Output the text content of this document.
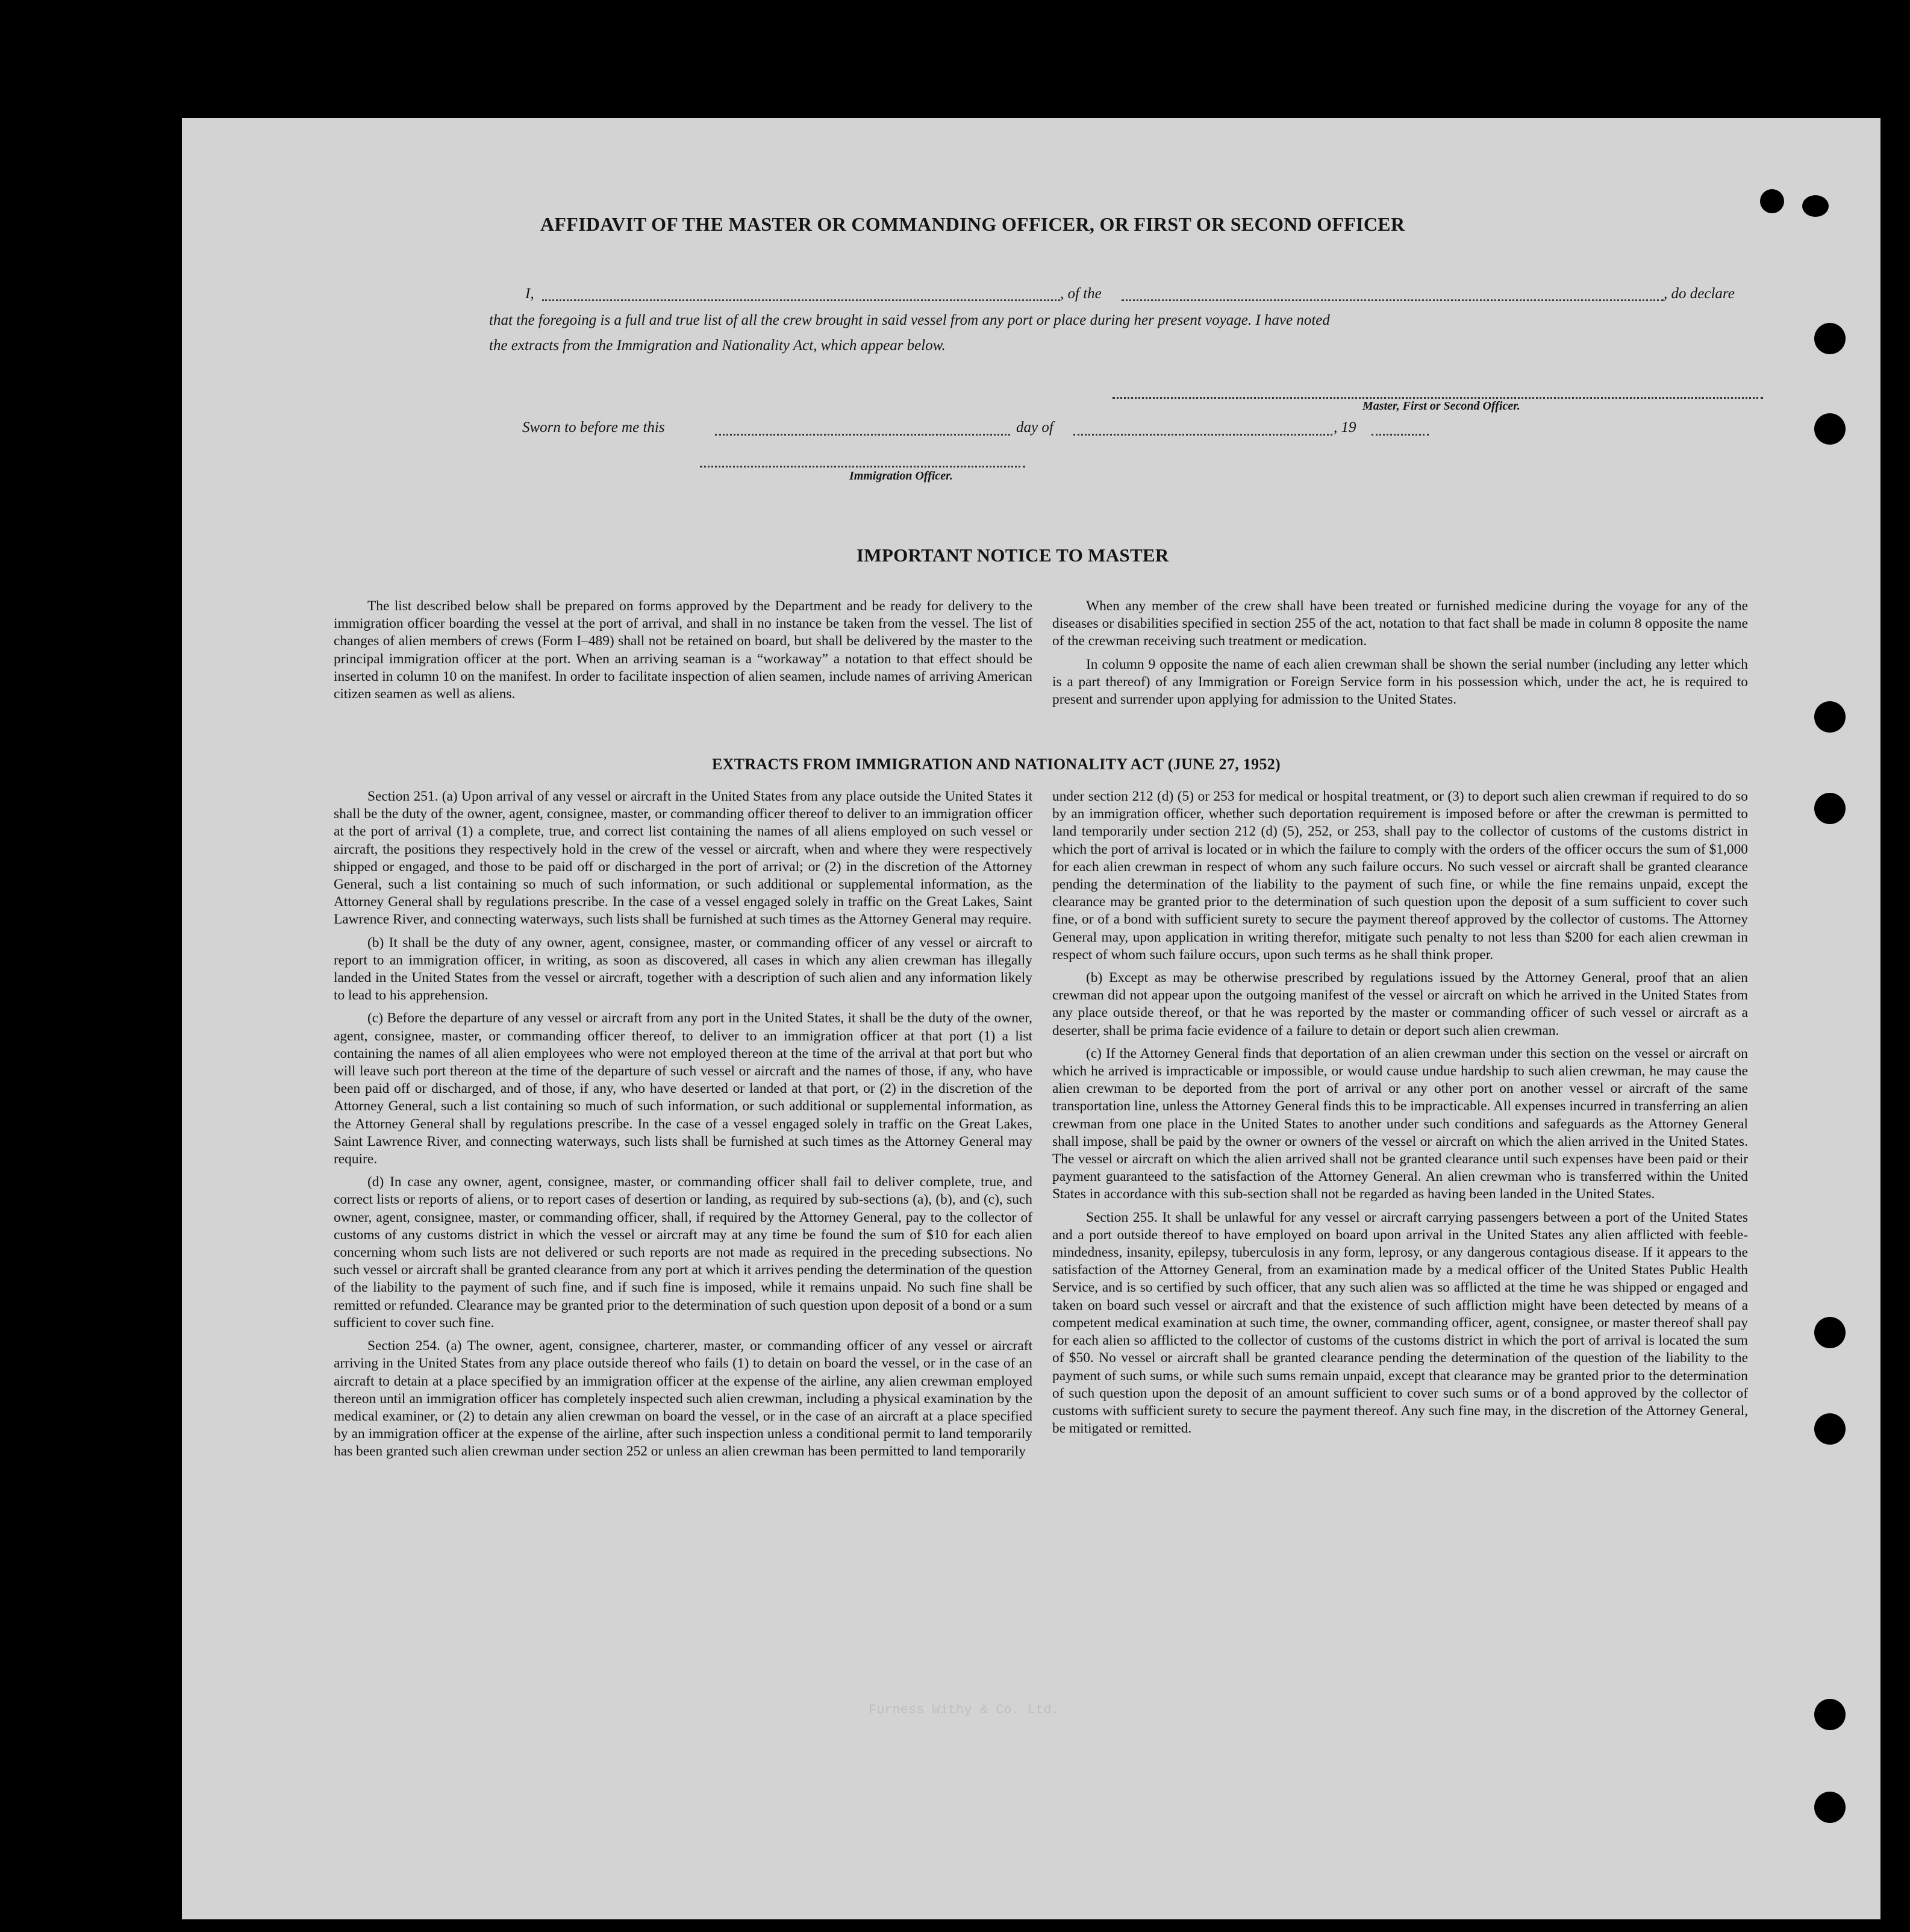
Furness Withy & Co. Ltd.
AFFIDAVIT OF THE MASTER OR COMMANDING OFFICER, OR FIRST OR SECOND OFFICER
I,	, of the	, do declare
that the foregoing is a full and true list of all the crew brought in said vessel from any port or place during her present voyage. I have noted
the extracts from the Immigration and Nationality Act, which appear below.
Master, First or Second Officer.
Sworn to before me this	day of	, 19
Immigration Officer.
IMPORTANT NOTICE TO MASTER

The list described below shall be prepared on forms approved by the Department and be ready for delivery to the immigration officer boarding the vessel at the port of arrival, and shall in no instance be taken from the vessel. The list of changes of alien members of crews (Form I–489) shall not be retained on board, but shall be delivered by the master to the principal immigration officer at the port. When an arriving seaman is a “workaway” a notation to that effect should be inserted in column 10 on the manifest. In order to facilitate inspection of alien seamen, include names of arriving American citizen seamen as well as aliens.

When any member of the crew shall have been treated or furnished medicine during the voyage for any of the diseases or disabilities specified in section 255 of the act, notation to that fact shall be made in column 8 opposite the name of the crewman receiving such treatment or medication.

In column 9 opposite the name of each alien crewman shall be shown the serial number (including any letter which is a part thereof) of any Immigration or Foreign Service form in his possession which, under the act, he is required to present and surrender upon applying for admission to the United States.

EXTRACTS FROM IMMIGRATION AND NATIONALITY ACT (JUNE 27, 1952)

Section 251. (a) Upon arrival of any vessel or aircraft in the United States from any place outside the United States it shall be the duty of the owner, agent, consignee, master, or commanding officer thereof to deliver to an immigration officer at the port of arrival (1) a complete, true, and correct list containing the names of all aliens employed on such vessel or aircraft, the positions they respectively hold in the crew of the vessel or aircraft, when and where they were respectively shipped or engaged, and those to be paid off or discharged in the port of arrival; or (2) in the discretion of the Attorney General, such a list containing so much of such information, or such additional or supplemental information, as the Attorney General shall by regulations prescribe. In the case of a vessel engaged solely in traffic on the Great Lakes, Saint Lawrence River, and connecting waterways, such lists shall be furnished at such times as the Attorney General may require.

(b) It shall be the duty of any owner, agent, consignee, master, or commanding officer of any vessel or aircraft to report to an immigration officer, in writing, as soon as discovered, all cases in which any alien crewman has illegally landed in the United States from the vessel or aircraft, together with a description of such alien and any information likely to lead to his apprehension.

(c) Before the departure of any vessel or aircraft from any port in the United States, it shall be the duty of the owner, agent, consignee, master, or commanding officer thereof, to deliver to an immigration officer at that port (1) a list containing the names of all alien employees who were not employed thereon at the time of the arrival at that port but who will leave such port thereon at the time of the departure of such vessel or aircraft and the names of those, if any, who have been paid off or discharged, and of those, if any, who have deserted or landed at that port, or (2) in the discretion of the Attorney General, such a list containing so much of such information, or such additional or supplemental information, as the Attorney General shall by regulations prescribe. In the case of a vessel engaged solely in traffic on the Great Lakes, Saint Lawrence River, and connecting waterways, such lists shall be furnished at such times as the Attorney General may require.

(d) In case any owner, agent, consignee, master, or commanding officer shall fail to deliver complete, true, and correct lists or reports of aliens, or to report cases of desertion or landing, as required by sub-sections (a), (b), and (c), such owner, agent, consignee, master, or commanding officer, shall, if required by the Attorney General, pay to the collector of customs of any customs district in which the vessel or aircraft may at any time be found the sum of $10 for each alien concerning whom such lists are not delivered or such reports are not made as required in the preceding subsections. No such vessel or aircraft shall be granted clearance from any port at which it arrives pending the determination of the question of the liability to the payment of such fine, and if such fine is imposed, while it remains unpaid. No such fine shall be remitted or refunded. Clearance may be granted prior to the determination of such question upon deposit of a bond or a sum sufficient to cover such fine.

Section 254. (a) The owner, agent, consignee, charterer, master, or commanding officer of any vessel or aircraft arriving in the United States from any place outside thereof who fails (1) to detain on board the vessel, or in the case of an aircraft to detain at a place specified by an immigration officer at the expense of the airline, any alien crewman employed thereon until an immigration officer has completely inspected such alien crewman, including a physical examination by the medical examiner, or (2) to detain any alien crewman on board the vessel, or in the case of an aircraft at a place specified by an immigration officer at the expense of the airline, after such inspection unless a conditional permit to land temporarily has been granted such alien crewman under section 252 or unless an alien crewman has been permitted to land temporarily

under section 212 (d) (5) or 253 for medical or hospital treatment, or (3) to deport such alien crewman if required to do so by an immigration officer, whether such deportation requirement is imposed before or after the crewman is permitted to land temporarily under section 212 (d) (5), 252, or 253, shall pay to the collector of customs of the customs district in which the port of arrival is located or in which the failure to comply with the orders of the officer occurs the sum of $1,000 for each alien crewman in respect of whom any such failure occurs. No such vessel or aircraft shall be granted clearance pending the determination of the liability to the payment of such fine, or while the fine remains unpaid, except the clearance may be granted prior to the determination of such question upon the deposit of a sum sufficient to cover such fine, or of a bond with sufficient surety to secure the payment thereof approved by the collector of customs. The Attorney General may, upon application in writing therefor, mitigate such penalty to not less than $200 for each alien crewman in respect of whom such failure occurs, upon such terms as he shall think proper.

(b) Except as may be otherwise prescribed by regulations issued by the Attorney General, proof that an alien crewman did not appear upon the outgoing manifest of the vessel or aircraft on which he arrived in the United States from any place outside thereof, or that he was reported by the master or commanding officer of such vessel or aircraft as a deserter, shall be prima facie evidence of a failure to detain or deport such alien crewman.

(c) If the Attorney General finds that deportation of an alien crewman under this section on the vessel or aircraft on which he arrived is impracticable or impossible, or would cause undue hardship to such alien crewman, he may cause the alien crewman to be deported from the port of arrival or any other port on another vessel or aircraft of the same transportation line, unless the Attorney General finds this to be impracticable. All expenses incurred in transferring an alien crewman from one place in the United States to another under such conditions and safeguards as the Attorney General shall impose, shall be paid by the owner or owners of the vessel or aircraft on which the alien arrived in the United States. The vessel or aircraft on which the alien arrived shall not be granted clearance until such expenses have been paid or their payment guaranteed to the satisfaction of the Attorney General. An alien crewman who is transferred within the United States in accordance with this sub-section shall not be regarded as having been landed in the United States.

Section 255. It shall be unlawful for any vessel or aircraft carrying passengers between a port of the United States and a port outside thereof to have employed on board upon arrival in the United States any alien afflicted with feeble-mindedness, insanity, epilepsy, tuberculosis in any form, leprosy, or any dangerous contagious disease. If it appears to the satisfaction of the Attorney General, from an examination made by a medical officer of the United States Public Health Service, and is so certified by such officer, that any such alien was so afflicted at the time he was shipped or engaged and taken on board such vessel or aircraft and that the existence of such affliction might have been detected by means of a competent medical examination at such time, the owner, commanding officer, agent, consignee, or master thereof shall pay for each alien so afflicted to the collector of customs of the customs district in which the port of arrival is located the sum of $50. No vessel or aircraft shall be granted clearance pending the determination of the question of the liability to the payment of such sums, or while such sums remain unpaid, except that clearance may be granted prior to the determination of such question upon the deposit of an amount sufficient to cover such sums or of a bond approved by the collector of customs with sufficient surety to secure the payment thereof. Any such fine may, in the discretion of the Attorney General, be mitigated or remitted.
